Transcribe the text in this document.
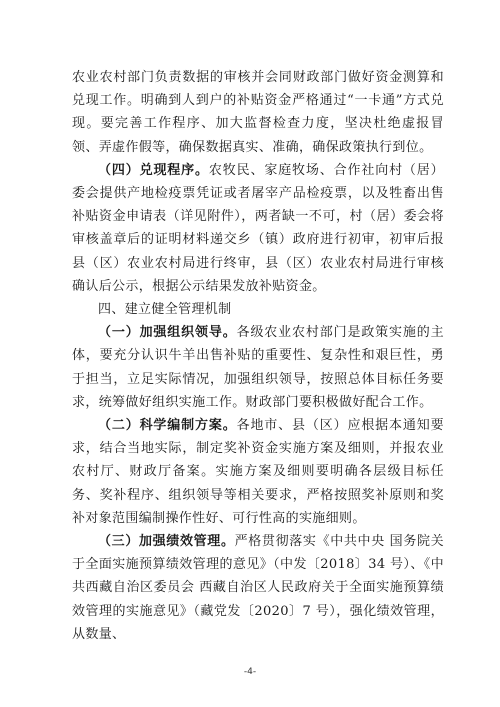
农业农村部门负责数据的审核并会同财政部门做好资金测算和兑现工作。明确到人到户的补贴资金严格通过“一卡通”方式兑现。要完善工作程序、加大监督检查力度，坚决杜绝虚报冒领、弄虚作假等，确保数据真实、准确，确保政策执行到位。

（四）兑现程序。农牧民、家庭牧场、合作社向村（居）委会提供产地检疫票凭证或者屠宰产品检疫票，以及牲畜出售补贴资金申请表（详见附件），两者缺一不可，村（居）委会将审核盖章后的证明材料递交乡（镇）政府进行初审，初审后报县（区）农业农村局进行终审，县（区）农业农村局进行审核确认后公示，根据公示结果发放补贴资金。

四、建立健全管理机制

（一）加强组织领导。各级农业农村部门是政策实施的主体，要充分认识牛羊出售补贴的重要性、复杂性和艰巨性，勇于担当，立足实际情况，加强组织领导，按照总体目标任务要求，统筹做好组织实施工作。财政部门要积极做好配合工作。

（二）科学编制方案。各地市、县（区）应根据本通知要求，结合当地实际，制定奖补资金实施方案及细则，并报农业农村厅、财政厅备案。实施方案及细则要明确各层级目标任务、奖补程序、组织领导等相关要求，严格按照奖补原则和奖补对象范围编制操作性好、可行性高的实施细则。

（三）加强绩效管理。严格贯彻落实《中共中央 国务院关于全面实施预算绩效管理的意见》（中发〔2018〕34 号）、《中共西藏自治区委员会 西藏自治区人民政府关于全面实施预算绩效管理的实施意见》（藏党发〔2020〕7 号），强化绩效管理，从数量、

-4-
